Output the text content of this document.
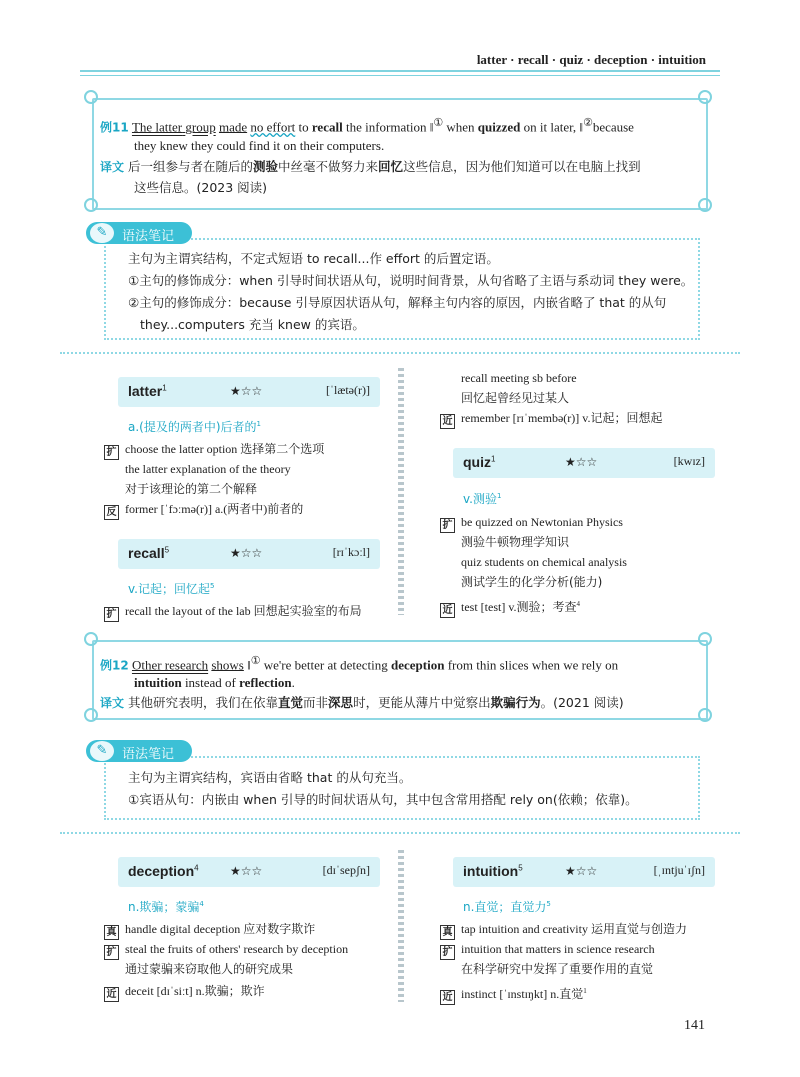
latter · recall · quiz · deception · intuition
例11 The latter group made no effort to recall the information ‖① when quizzed on it later, ‖②because
they knew they could find it on their computers.
译文 后一组参与者在随后的测验中丝毫不做努力来回忆这些信息，因为他们知道可以在电脑上找到
这些信息。(2023 阅读)
✎	语法笔记
主句为主谓宾结构，不定式短语 to recall...作 effort 的后置定语。
①主句的修饰成分：when 引导时间状语从句，说明时间背景，从句省略了主语与系动词 they were。
②主句的修饰成分：because 引导原因状语从句，解释主句内容的原因，内嵌省略了 that 的从句
they...computers 充当 knew 的宾语。
latter$^1$	★☆☆	[ˈlætə(r)]
a.(提及的两者中)后者的$^1$
扩 choose the latter option 选择第二个选项
the latter explanation of the theory
对于该理论的第二个解释
反 former [ˈfɔːmə(r)] a.(两者中)前者的
recall$^5$	★☆☆	[rɪˈkɔːl]
v.记起；回忆起$^5$
扩 recall the layout of the lab 回想起实验室的布局
recall meeting sb before
回忆起曾经见过某人
近 remember [rɪˈmembə(r)] v.记起；回想起
quiz$^1$	★☆☆	[kwɪz]
v.测验$^1$
扩 be quizzed on Newtonian Physics
测验牛顿物理学知识
quiz students on chemical analysis
测试学生的化学分析(能力)
近 test [test] v.测验；考查$^4$
例12 Other research shows ‖① we're better at detecting deception from thin slices when we rely on
intuition instead of reflection.
译文 其他研究表明，我们在依靠直觉而非深思时，更能从薄片中觉察出欺骗行为。(2021 阅读)
✎	语法笔记
主句为主谓宾结构，宾语由省略 that 的从句充当。
①宾语从句：内嵌由 when 引导的时间状语从句，其中包含常用搭配 rely on(依赖；依靠)。
deception$^4$	★☆☆	[dɪˈsepʃn]
n.欺骗；蒙骗$^4$
真 handle digital deception 应对数字欺诈
扩 steal the fruits of others' research by deception
通过蒙骗来窃取他人的研究成果
近 deceit [dɪˈsiːt] n.欺骗；欺诈
intuition$^5$	★☆☆	[ˌɪntjuˈɪʃn]
n.直觉；直觉力$^5$
真 tap intuition and creativity 运用直觉与创造力
扩 intuition that matters in science research
在科学研究中发挥了重要作用的直觉
近 instinct [ˈɪnstɪŋkt] n.直觉$^1$
141
